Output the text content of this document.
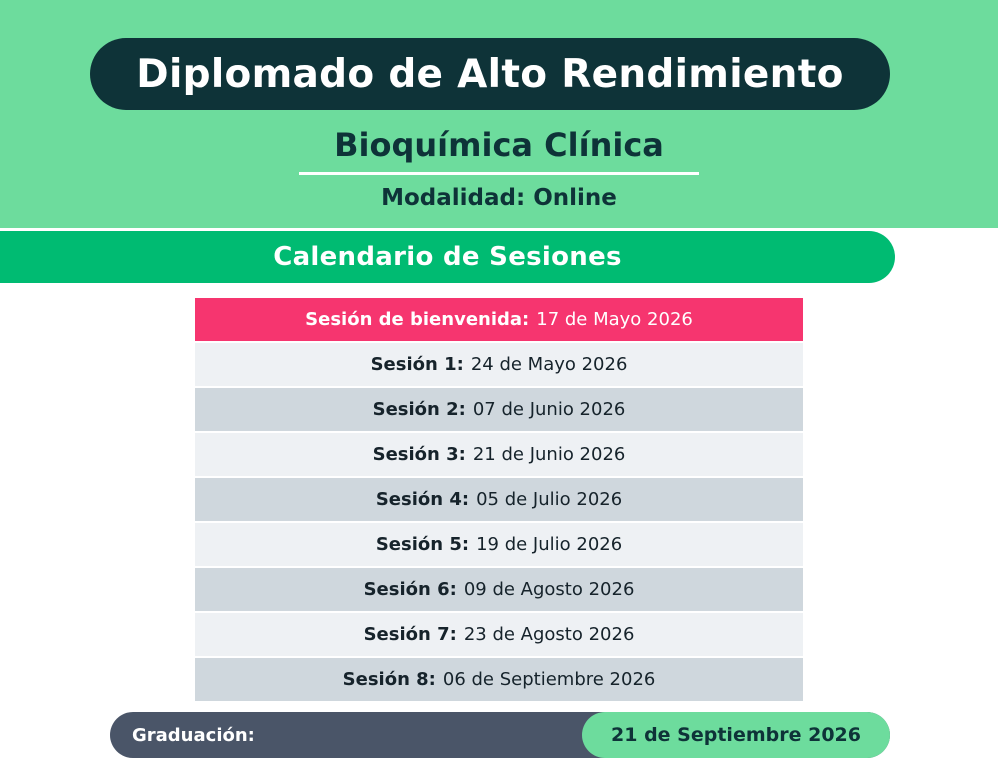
Diplomado de Alto Rendimiento
Bioquímica Clínica
Modalidad: Online
Calendario de Sesiones
Sesión de bienvenida: 17 de Mayo 2026
Sesión 1: 24 de Mayo 2026
Sesión 2: 07 de Junio 2026
Sesión 3: 21 de Junio 2026
Sesión 4: 05 de Julio 2026
Sesión 5: 19 de Julio 2026
Sesión 6: 09 de Agosto 2026
Sesión 7: 23 de Agosto 2026
Sesión 8: 06 de Septiembre 2026
Graduación:	21 de Septiembre 2026
